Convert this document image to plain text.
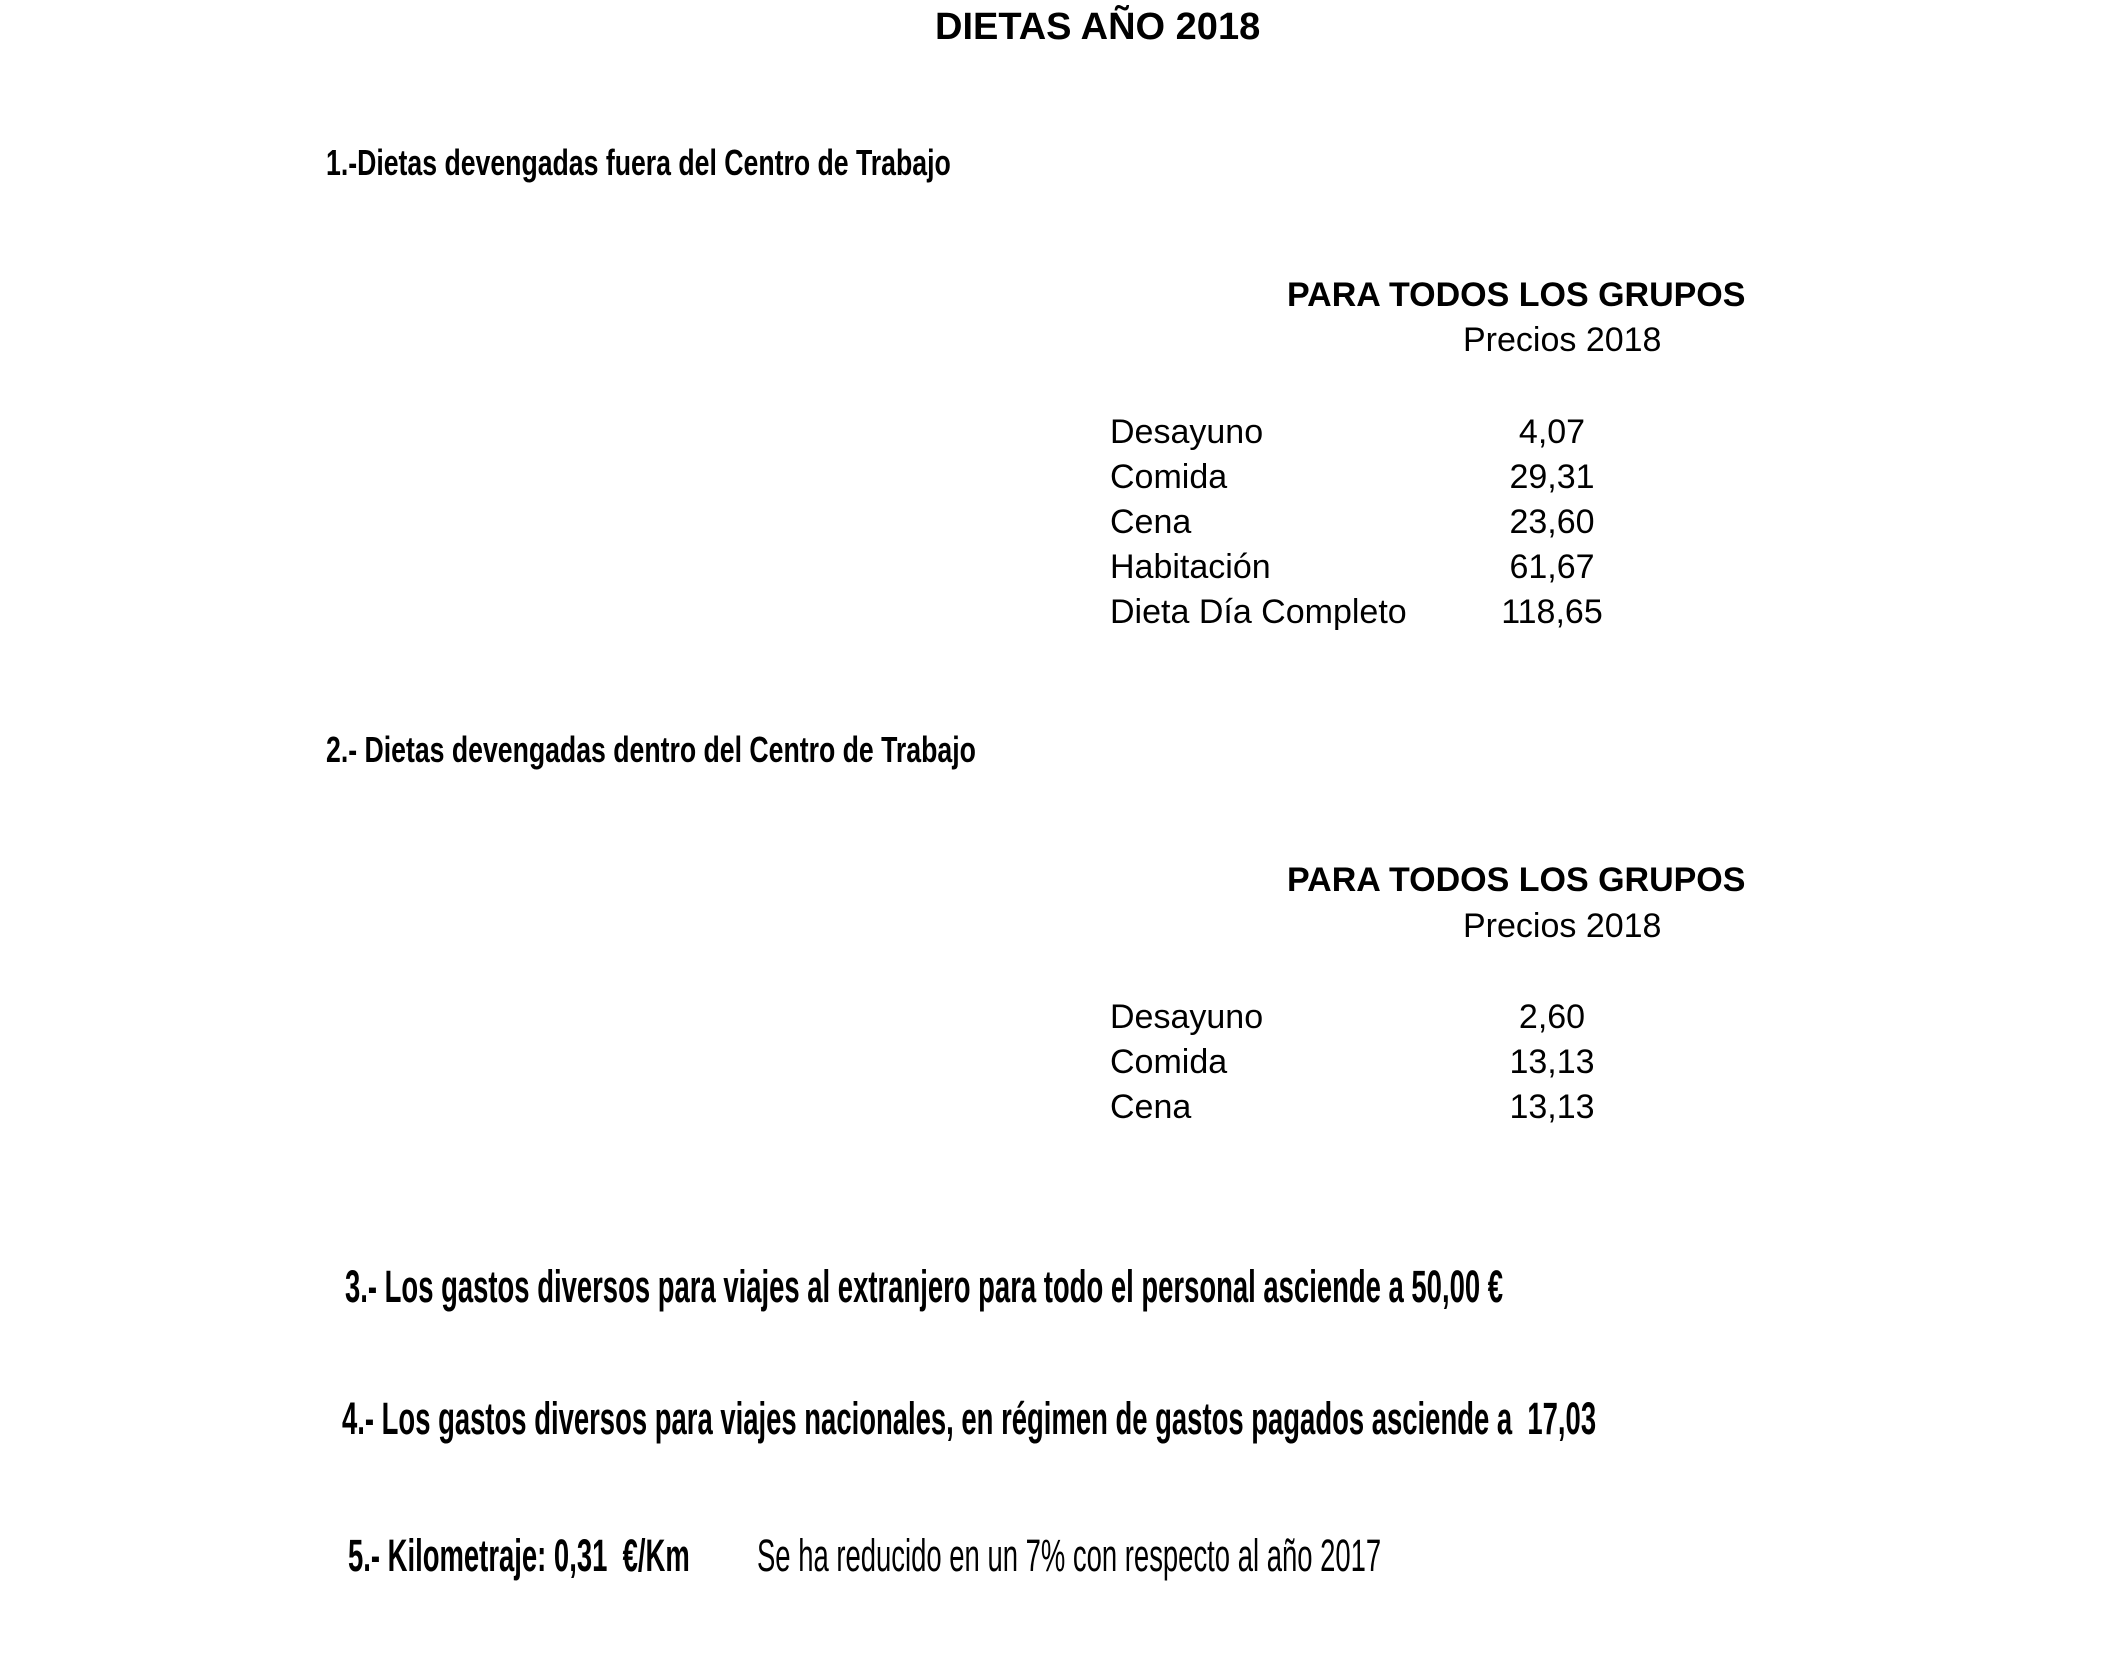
DIETAS AÑO 2018
1.-Dietas devengadas fuera del Centro de Trabajo
PARA TODOS LOS GRUPOS
Precios 2018
Desayuno	4,07
Comida	29,31
Cena	23,60
Habitación	61,67
Dieta Día Completo	118,65
2.- Dietas devengadas dentro del Centro de Trabajo
PARA TODOS LOS GRUPOS
Precios 2018
Desayuno	2,60
Comida	13,13
Cena	13,13
3.- Los gastos diversos para viajes al extranjero para todo el personal asciende a 50,00 €
4.- Los gastos diversos para viajes nacionales, en régimen de gastos pagados asciende a  17,03
5.- Kilometraje: 0,31  €/Km Se ha reducido en un 7% con respecto al año 2017
